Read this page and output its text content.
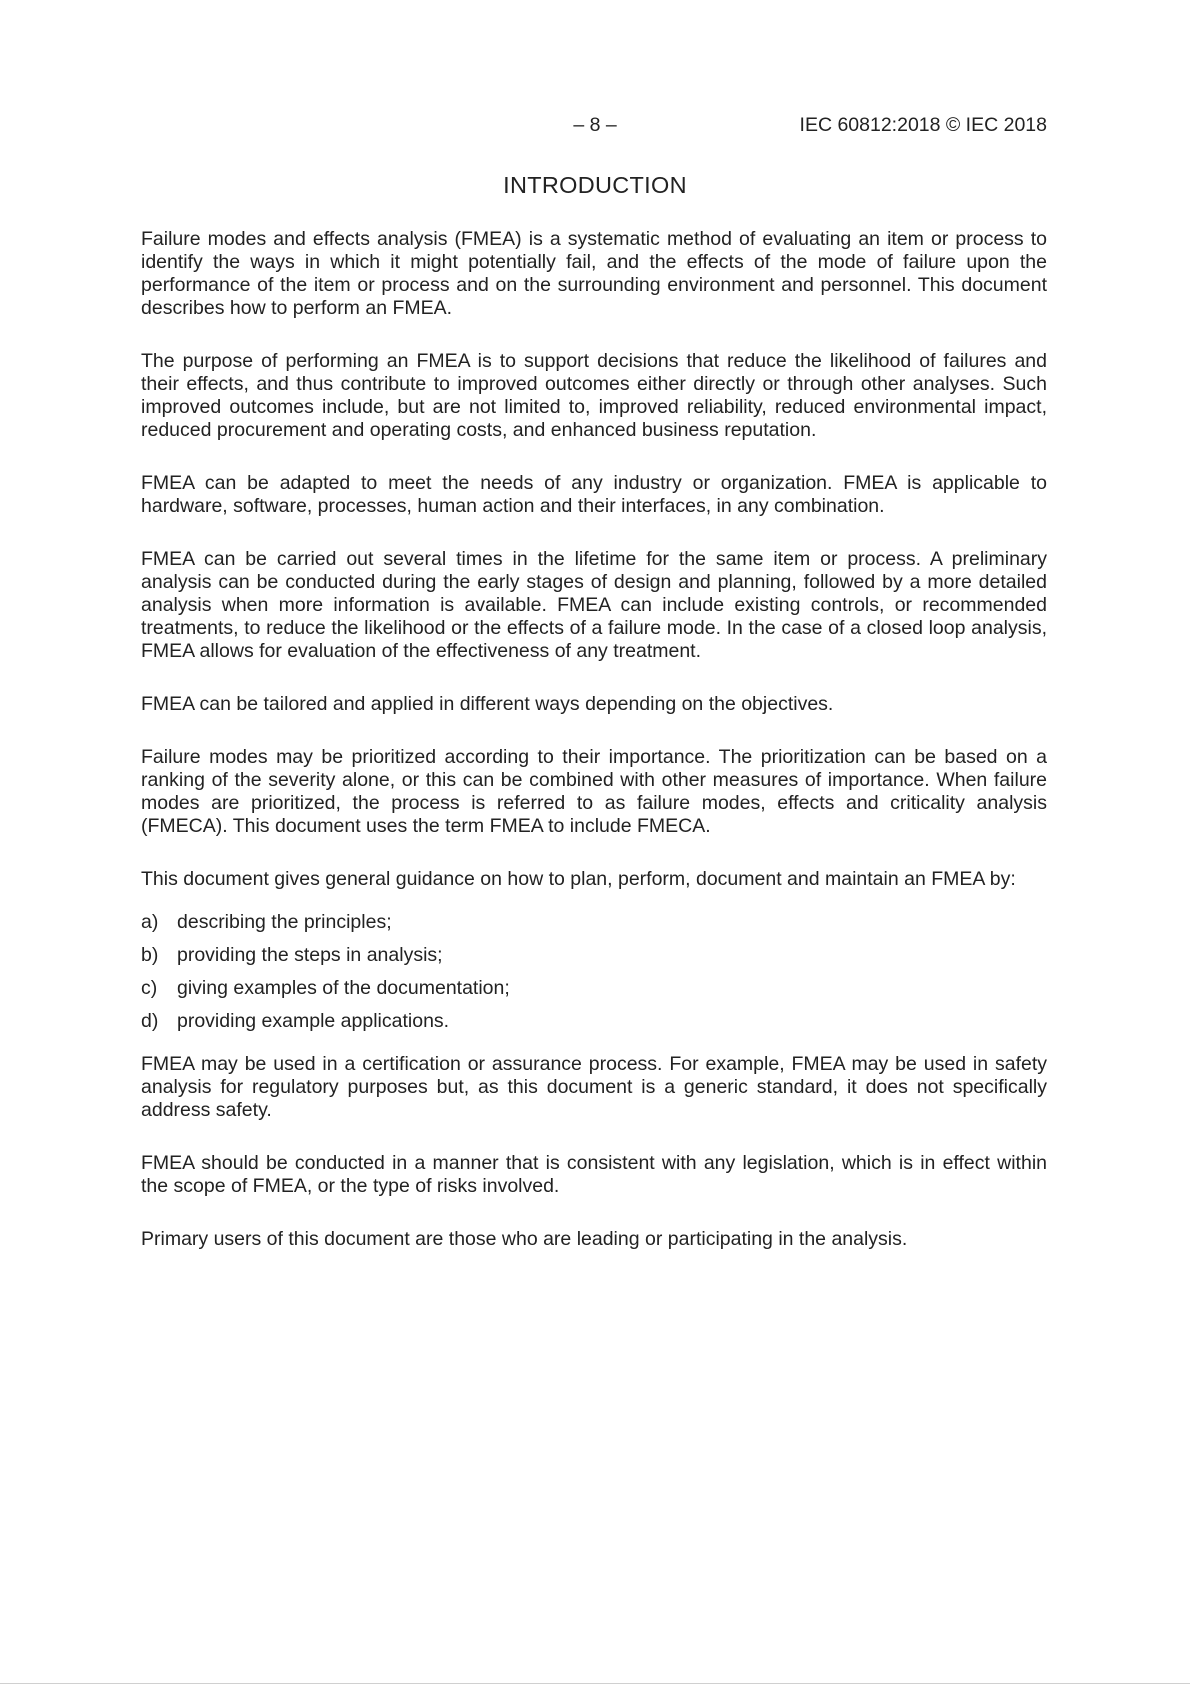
– 8 –	IEC 60812:2018 © IEC 2018
INTRODUCTION

Failure modes and effects analysis (FMEA) is a systematic method of evaluating an item or process to identify the ways in which it might potentially fail, and the effects of the mode of failure upon the performance of the item or process and on the surrounding environment and personnel. This document describes how to perform an FMEA.

The purpose of performing an FMEA is to support decisions that reduce the likelihood of failures and their effects, and thus contribute to improved outcomes either directly or through other analyses. Such improved outcomes include, but are not limited to, improved reliability, reduced environmental impact, reduced procurement and operating costs, and enhanced business reputation.

FMEA can be adapted to meet the needs of any industry or organization. FMEA is applicable to hardware, software, processes, human action and their interfaces, in any combination.

FMEA can be carried out several times in the lifetime for the same item or process. A preliminary analysis can be conducted during the early stages of design and planning, followed by a more detailed analysis when more information is available. FMEA can include existing controls, or recommended treatments, to reduce the likelihood or the effects of a failure mode. In the case of a closed loop analysis, FMEA allows for evaluation of the effectiveness of any treatment.

FMEA can be tailored and applied in different ways depending on the objectives.

Failure modes may be prioritized according to their importance. The prioritization can be based on a ranking of the severity alone, or this can be combined with other measures of importance. When failure modes are prioritized, the process is referred to as failure modes, effects and criticality analysis (FMECA). This document uses the term FMEA to include FMECA.

This document gives general guidance on how to plan, perform, document and maintain an FMEA by:

a) describing the principles;
b) providing the steps in analysis;
c)	giving examples of the documentation;
d) providing example applications.

FMEA may be used in a certification or assurance process. For example, FMEA may be used in safety analysis for regulatory purposes but, as this document is a generic standard, it does not specifically address safety.

FMEA should be conducted in a manner that is consistent with any legislation, which is in effect within the scope of FMEA, or the type of risks involved.

Primary users of this document are those who are leading or participating in the analysis.
